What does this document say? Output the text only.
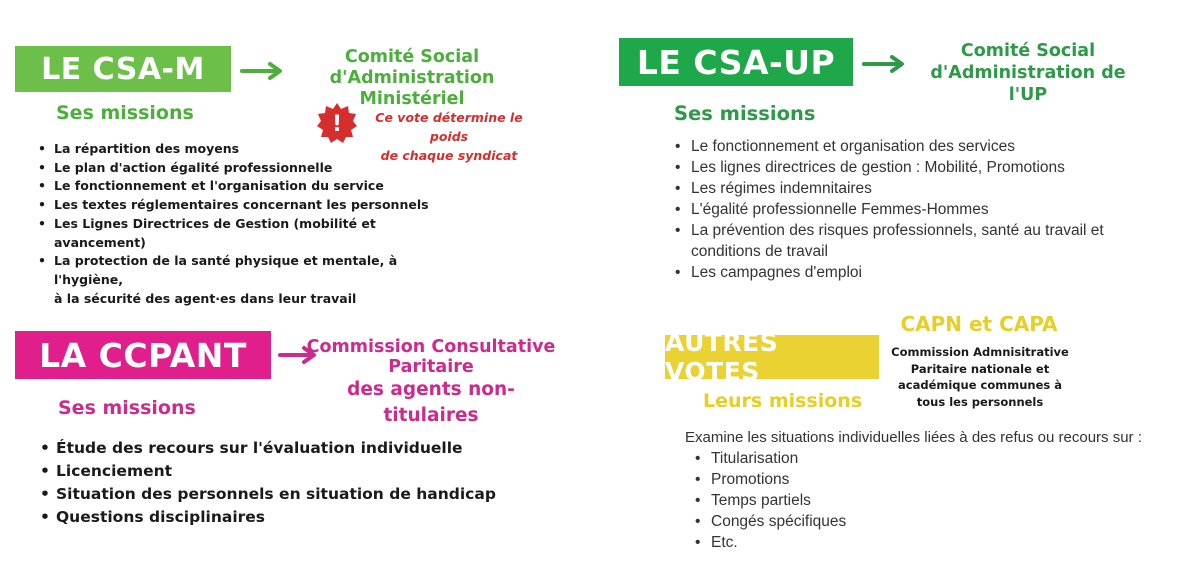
LE CSA-M	Comité Social
d'Administration Ministériel
Ses missions	!	Ce vote détermine le poids
de chaque syndicat
• La répartition des moyens
• Le plan d'action égalité professionnelle
• Le fonctionnement et l'organisation du service
• Les textes réglementaires concernant les personnels
• Les Lignes Directrices de Gestion (mobilité et avancement)
• La protection de la santé physique et mentale, à l'hygiène,
à la sécurité des agent·es dans leur travail
LE CSA-UP	Comité Social
d'Administration de l'UP
Ses missions
• Le fonctionnement et organisation des services
• Les lignes directrices de gestion : Mobilité, Promotions
• Les régimes indemnitaires
• L'égalité professionnelle Femmes-Hommes
• La prévention des risques professionnels, santé au travail et
conditions de travail
• Les campagnes d'emploi
LA CCPANT	Commission Consultative
Paritaire
des agents non-titulaires
Ses missions
• Étude des recours sur l'évaluation individuelle
• Licenciement
• Situation des personnels en situation de handicap
• Questions disciplinaires
AUTRES VOTES
CAPN et CAPA
Commission Admnisitrative
Paritaire nationale et
académique communes à
tous les personnels
Leurs missions
Examine les situations individuelles liées à des refus ou recours sur :
• Titularisation
• Promotions
• Temps partiels
• Congés spécifiques
• Etc.
